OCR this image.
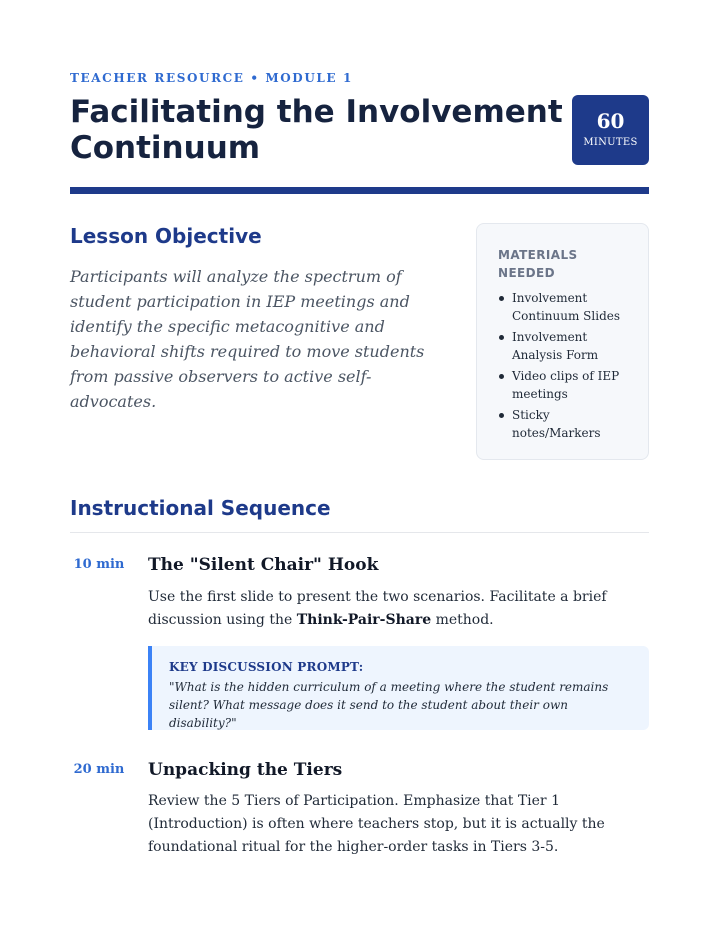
TEACHER RESOURCE • MODULE 1
Facilitating the Involvement Continuum
60
MINUTES
Lesson Objective

Participants will analyze the spectrum of student participation in IEP meetings and identify the specific metacognitive and behavioral shifts required to move students from passive observers to active self-advocates.

MATERIALS NEEDED
Involvement Continuum Slides
Involvement Analysis Form
Video clips of IEP meetings
Sticky notes/Markers
Instructional Sequence
10 min The "Silent Chair" Hook

Use the first slide to present the two scenarios. Facilitate a brief discussion using the Think-Pair-Share method.

KEY DISCUSSION PROMPT:
"What is the hidden curriculum of a meeting where the student remains silent? What message does it send to the student about their own disability?"
20 min Unpacking the Tiers

Review the 5 Tiers of Participation. Emphasize that Tier 1 (Introduction) is often where teachers stop, but it is actually the foundational ritual for the higher-order tasks in Tiers 3-5.
